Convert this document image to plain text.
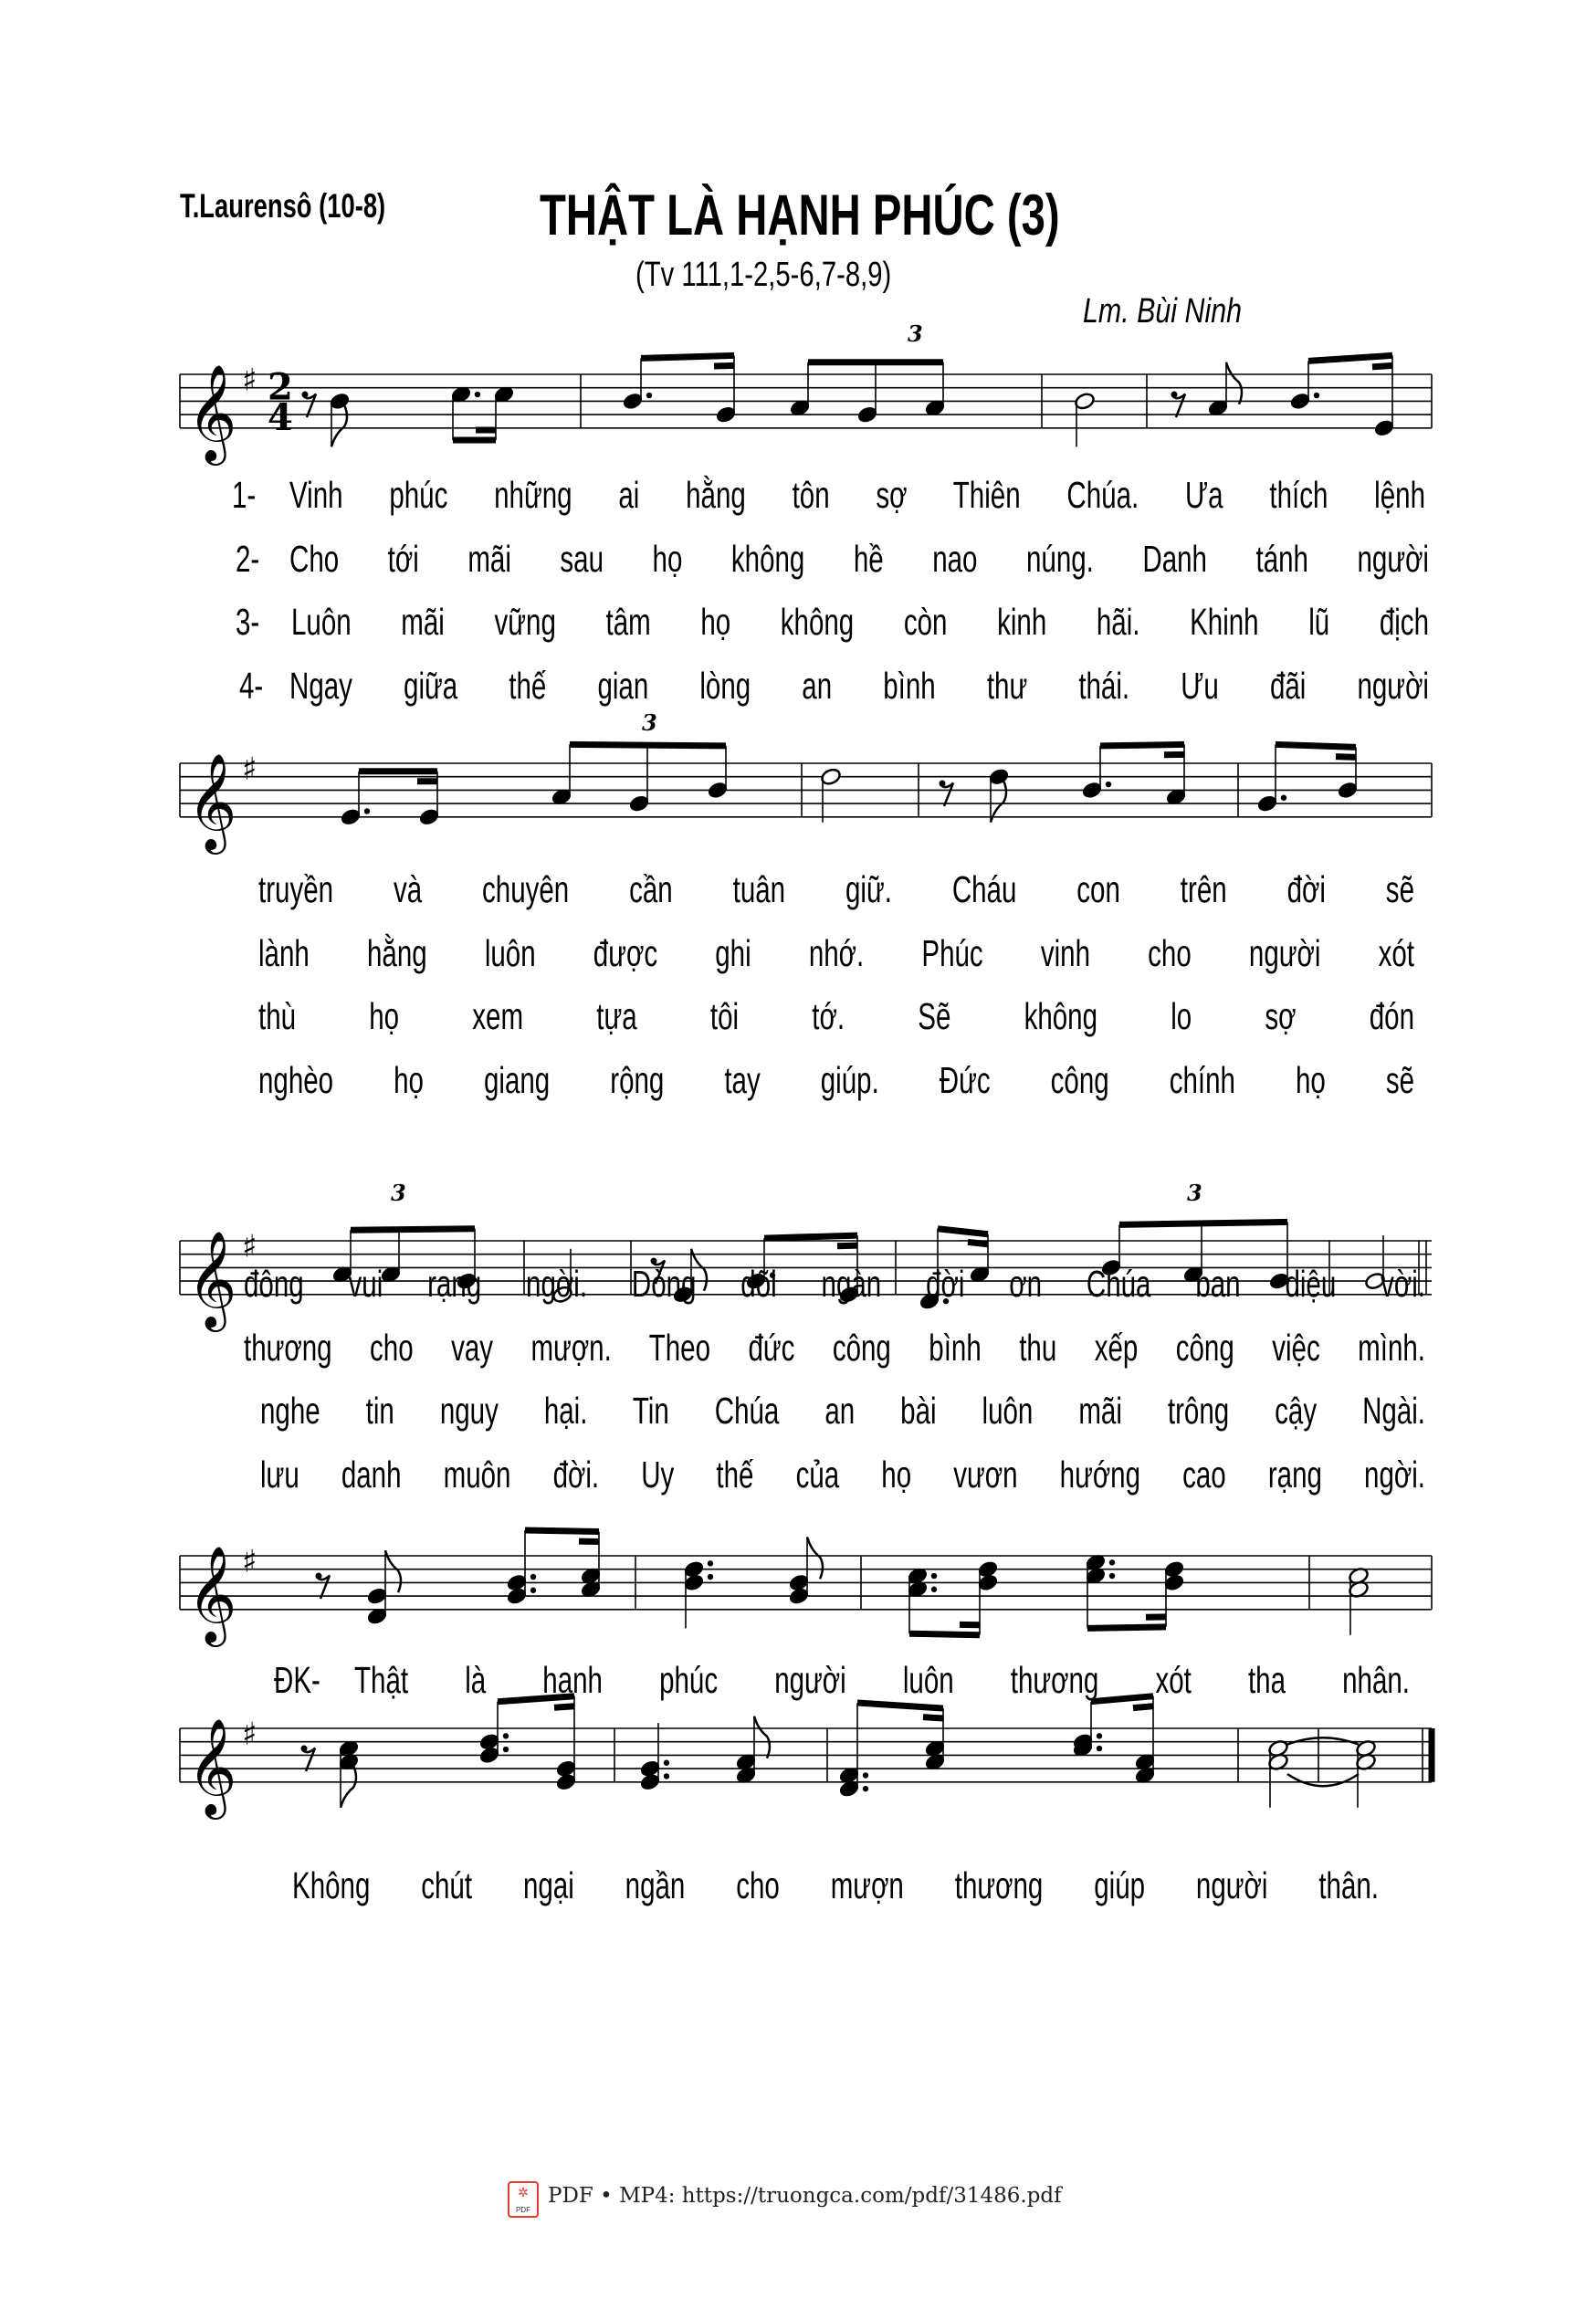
T.Laurensô (10-8)	THẬT LÀ HẠNH PHÚC (3)
(Tv 111,1-2,5-6,7-8,9)
Lm. Bùi Ninh
𝄞 ♯ 2
4
3
𝄞 ♯
3
𝄞 ♯
3	3
𝄞 ♯
𝄞 ♯
1-
2-
3-
4-
Vinh phúc những ai hằng tôn sợ Thiên Chúa. Ưa thích lệnh
Cho tới mãi sau họ không hề nao núng. Danh tánh người
Luôn mãi vững tâm họ không còn kinh hãi. Khinh lũ địch
Ngay giữa thế gian lòng an bình thư thái. Ưu đãi người
truyền và chuyên cần tuân giữ. Cháu con trên đời sẽ
lành hằng luôn được ghi nhớ. Phúc vinh cho người xót
thù họ xem tựa tôi tớ. Sẽ không lo sợ đón
nghèo họ giang rộng tay giúp. Đức công chính họ sẽ
đông vui rạng ngời. Dòng dõi ngàn đời ơn Chúa ban diệu vời.
thương cho vay mượn. Theo đức công bình thu xếp công việc mình.
nghe tin nguy hại. Tin Chúa an bài luôn mãi trông cậy Ngài.
lưu danh muôn đời. Uy thế của họ vươn hướng cao rạng ngời.
ĐK- Thật là hạnh phúc người luôn thương xót tha nhân.
Không chút ngại ngần cho mượn thương giúp người thân.
✲
PDF
PDF • MP4: https://truongca.com/pdf/31486.pdf
